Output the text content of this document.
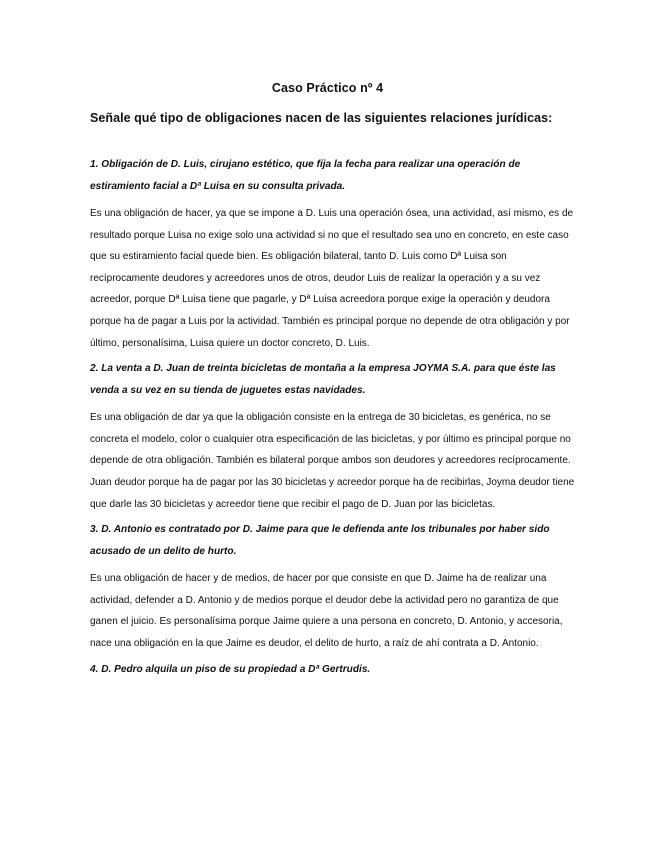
Caso Práctico nº 4
Señale qué tipo de obligaciones nacen de las siguientes relaciones jurídicas:

1. Obligación de D. Luis, cirujano estético, que fija la fecha para realizar una operación de estiramiento facial a Dª Luisa en su consulta privada.

Es una obligación de hacer, ya que se impone a D. Luis una operación ósea, una actividad, así mismo, es de resultado porque Luisa no exige solo una actividad si no que el resultado sea uno en concreto, en este caso que su estiramiento facial quede bien. Es obligación bilateral, tanto D. Luis como Dª Luisa son recíprocamente deudores y acreedores unos de otros, deudor Luis de realizar la operación y a su vez acreedor, porque Dª Luisa tiene que pagarle, y Dª Luisa acreedora porque exige la operación y deudora porque ha de pagar a Luis por la actividad. También es principal porque no depende de otra obligación y por último, personalísima, Luisa quiere un doctor concreto, D. Luis.

2. La venta a D. Juan de treinta bicicletas de montaña a la empresa JOYMA S.A. para que éste las venda a su vez en su tienda de juguetes estas navidades.

Es una obligación de dar ya que la obligación consiste en la entrega de 30 bicicletas, es genérica, no se concreta el modelo, color o cualquier otra especificación de las bicicletas, y por último es principal porque no depende de otra obligación. También es bilateral porque ambos son deudores y acreedores recíprocamente. Juan deudor porque ha de pagar por las 30 bicicletas y acreedor porque ha de recibirlas, Joyma deudor tiene que darle las 30 bicicletas y acreedor tiene que recibir el pago de D. Juan por las bicicletas.

3. D. Antonio es contratado por D. Jaime para que le defienda ante los tribunales por haber sido acusado de un delito de hurto.

Es una obligación de hacer y de medios, de hacer por que consiste en que D. Jaime ha de realizar una actividad, defender a D. Antonio y de medios porque el deudor debe la actividad pero no garantiza de que ganen el juicio. Es personalísima porque Jaime quiere a una persona en concreto, D. Antonio, y accesoria, nace una obligación en la que Jaime es deudor, el delito de hurto, a raíz de ahí contrata a D. Antonio.

4. D. Pedro alquila un piso de su propiedad a Dª Gertrudis.
